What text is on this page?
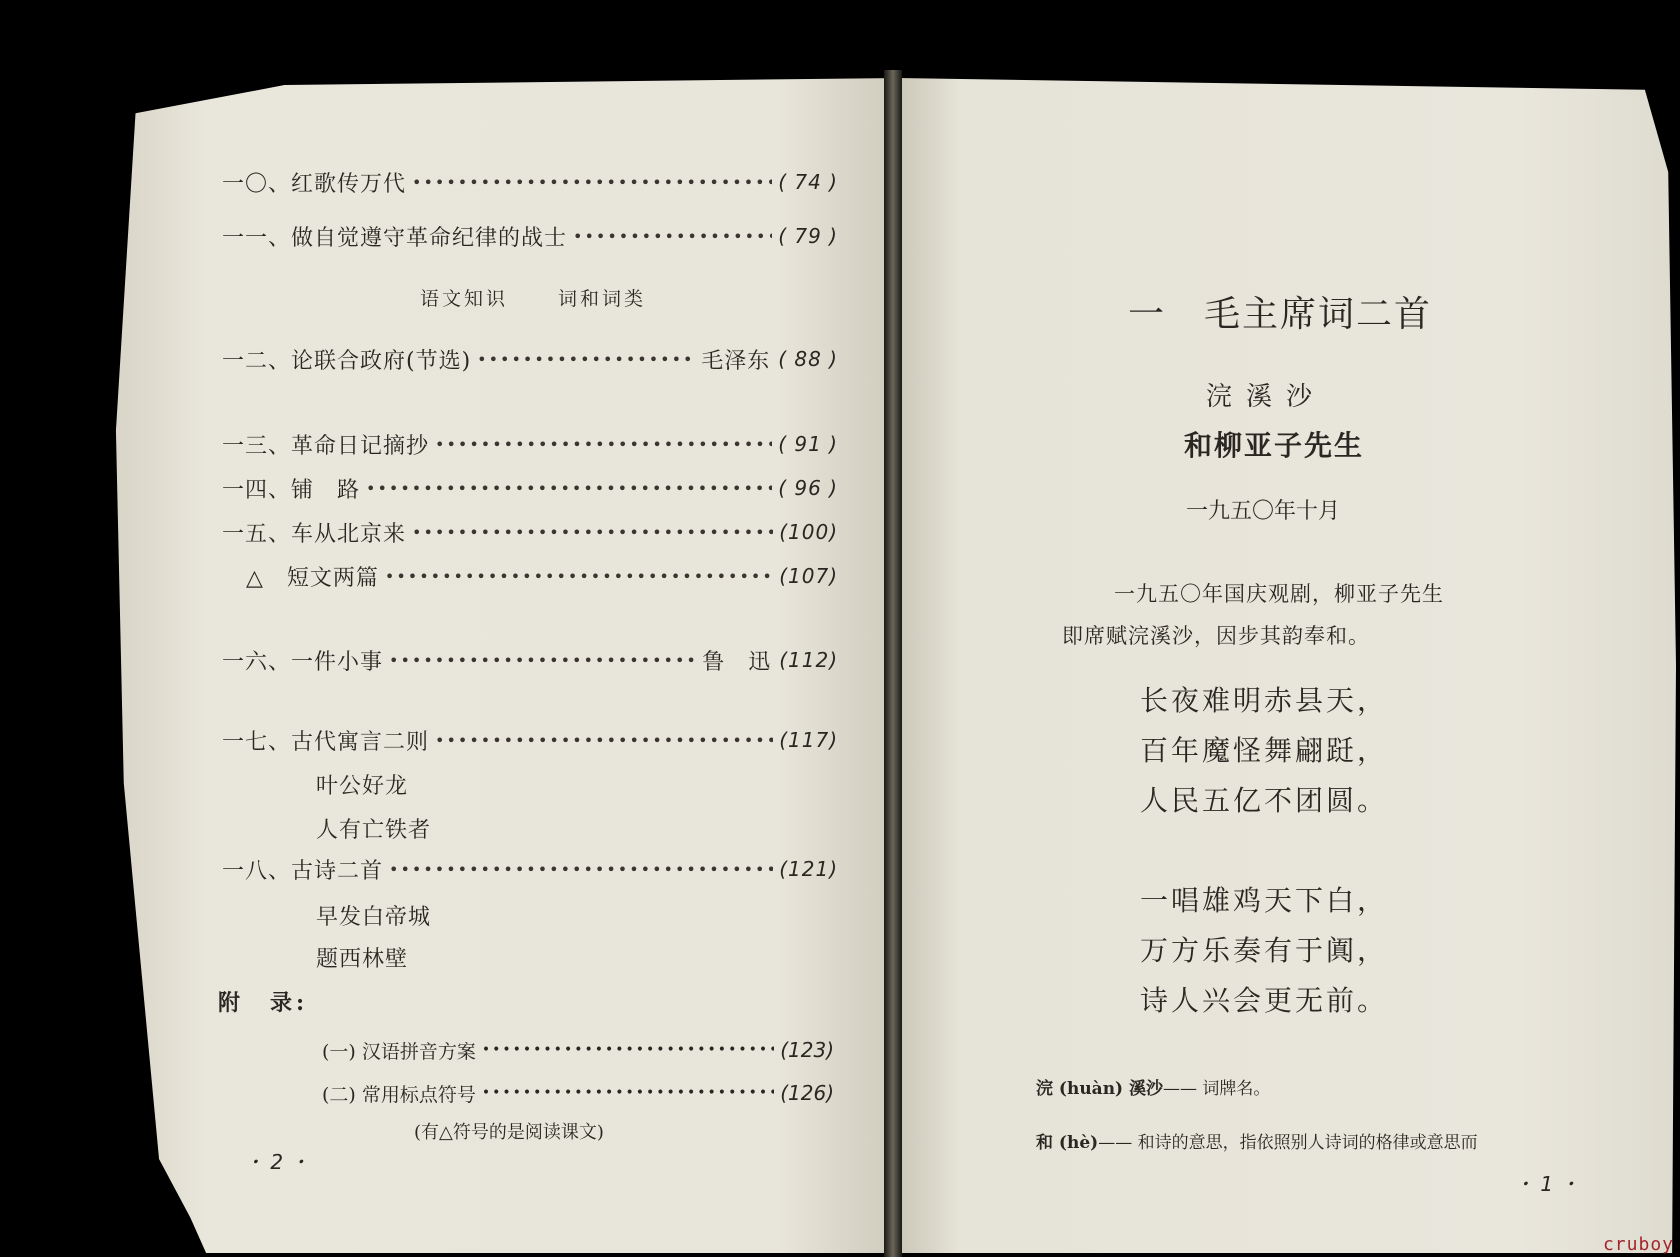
一〇、红歌传万代 •••••	( 74 )
一一、做自觉遵守革命纪律的战士 •••••	( 79 )
语文知识	词和词类
一二、论联合政府(节选) •••••	毛泽东 ( 88 )
一三、革命日记摘抄 •••••	( 91 )
一四、铺　路 •••••	( 96 )
一五、车从北京来 •••••	(100)
△　短文两篇 •••••	(107)
一六、一件小事 •••••	鲁　迅 (112)
一七、古代寓言二则 •••••	(117)
叶公好龙
人有亡铁者
一八、古诗二首 •••••	(121)
早发白帝城
题西林壁
附　录:
(一) 汉语拼音方案 •••••	(123)
(二) 常用标点符号 •••••	(126)
(有△符号的是阅读课文)
・ 2 ・
一　毛主席词二首
浣溪沙
和柳亚子先生
一九五〇年十月
一九五〇年国庆观剧，柳亚子先生
即席赋浣溪沙，因步其韵奉和。
长夜难明赤县天，
百年魔怪舞翩跹，
人民五亿不团圆。
一唱雄鸡天下白，
万方乐奏有于阗，
诗人兴会更无前。
浣 (huàn) 溪沙—— 词牌名。
和 (hè)—— 和诗的意思，指依照别人诗词的格律或意思而
・ 1 ・
cruboy
